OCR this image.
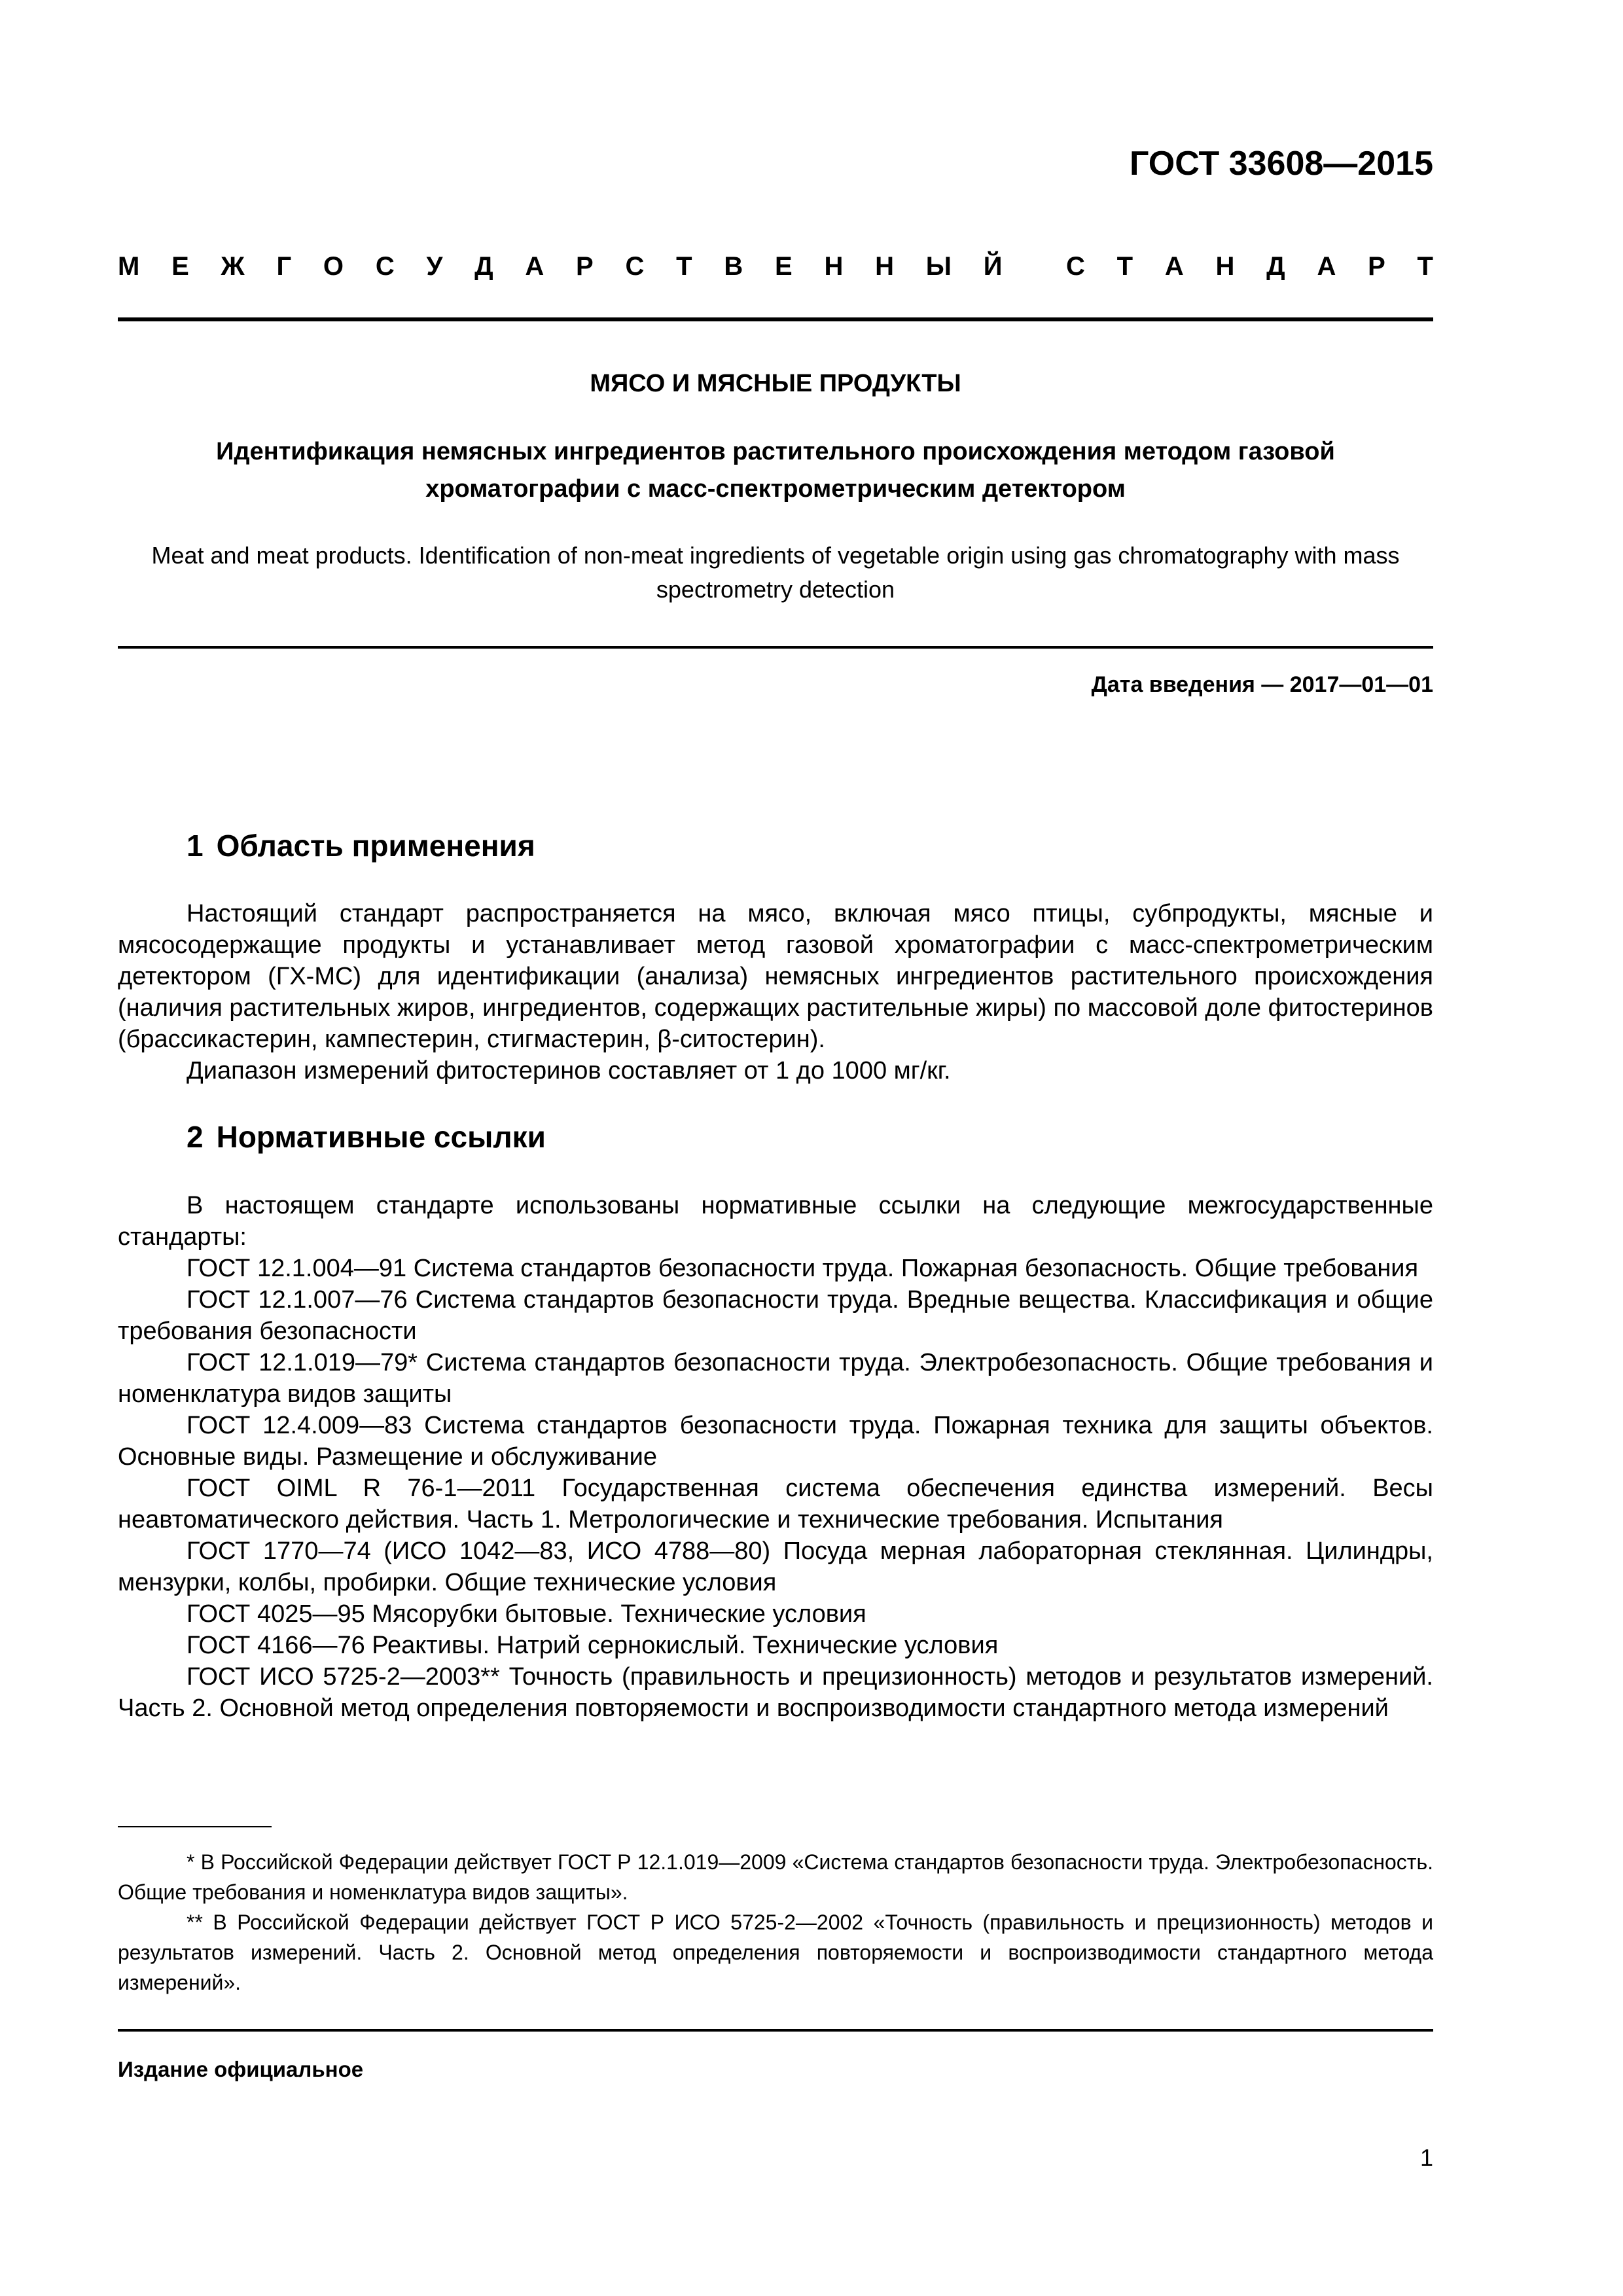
ГОСТ 33608—2015
М Е Ж Г О С У Д А Р С Т В Е Н Н Ы Й С Т А Н Д А Р Т
МЯСО И МЯСНЫЕ ПРОДУКТЫ
Идентификация немясных ингредиентов растительного происхождения методом газовой хроматографии с масс-спектрометрическим детектором
Meat and meat products. Identification of non-meat ingredients of vegetable origin using gas chromatography with mass spectrometry detection
Дата введения — 2017—01—01
1 Область применения

Настоящий стандарт распространяется на мясо, включая мясо птицы, субпродукты, мясные и мясосодержащие продукты и устанавливает метод газовой хроматографии с масс-спектрометрическим детектором (ГХ-МС) для идентификации (анализа) немясных ингредиентов растительного происхождения (наличия растительных жиров, ингредиентов, содержащих растительные жиры) по массовой доле фитостеринов (брассикастерин, кампестерин, стигмастерин, β-ситостерин).

Диапазон измерений фитостеринов составляет от 1 до 1000 мг/кг.

2 Нормативные ссылки

В настоящем стандарте использованы нормативные ссылки на следующие межгосударственные стандарты:

ГОСТ 12.1.004—91 Система стандартов безопасности труда. Пожарная безопасность. Общие требования

ГОСТ 12.1.007—76 Система стандартов безопасности труда. Вредные вещества. Классификация и общие требования безопасности

ГОСТ 12.1.019—79* Система стандартов безопасности труда. Электробезопасность. Общие требования и номенклатура видов защиты

ГОСТ 12.4.009—83 Система стандартов безопасности труда. Пожарная техника для защиты объектов. Основные виды. Размещение и обслуживание

ГОСТ OIML R 76-1—2011 Государственная система обеспечения единства измерений. Весы неавтоматического действия. Часть 1. Метрологические и технические требования. Испытания

ГОСТ 1770—74 (ИСО 1042—83, ИСО 4788—80) Посуда мерная лабораторная стеклянная. Цилиндры, мензурки, колбы, пробирки. Общие технические условия

ГОСТ 4025—95 Мясорубки бытовые. Технические условия

ГОСТ 4166—76 Реактивы. Натрий сернокислый. Технические условия

ГОСТ ИСО 5725-2—2003** Точность (правильность и прецизионность) методов и результатов измерений. Часть 2. Основной метод определения повторяемости и воспроизводимости стандартного метода измерений

* В Российской Федерации действует ГОСТ Р 12.1.019—2009 «Система стандартов безопасности труда. Электробезопасность. Общие требования и номенклатура видов защиты».

** В Российской Федерации действует ГОСТ Р ИСО 5725-2—2002 «Точность (правильность и прецизионность) методов и результатов измерений. Часть 2. Основной метод определения повторяемости и воспроизводимости стандартного метода измерений».

Издание официальное
1
